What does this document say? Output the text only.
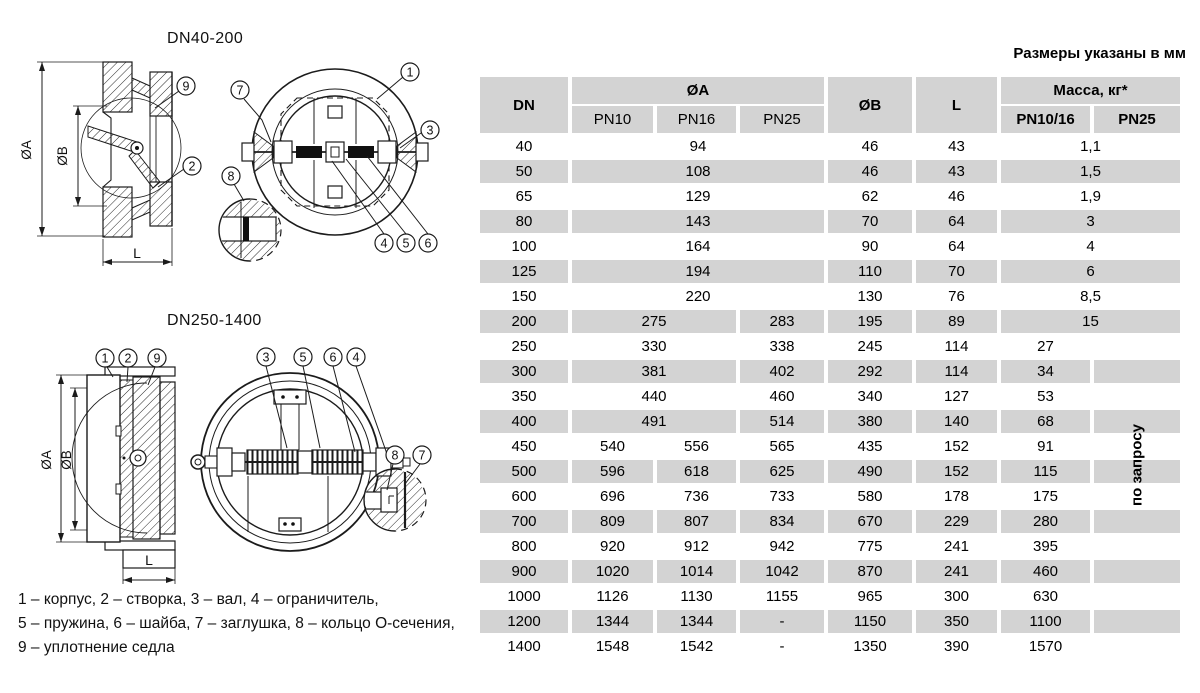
DN40-200
DN250-1400
Размеры указаны в мм
1 – корпус, 2 – створка, 3 – вал, 4 – ограничитель,
5 – пружина, 6 – шайба, 7 – заглушка, 8 – кольцо О-сечения,
9 – уплотнение седла
ØA ØB
L
9
2
1
7
3
4 5 6
8
ØA ØB
L
1 2 9	3 5 6 4
8 7
DN	ØA			ØB	L	Масса, кг*	
	PN10	PN16	PN25			PN10/16	PN25
40	94			46	43	1,1	
50	108			46	43	1,5	
65	129			62	46	1,9	
80	143			70	64	3	
100	164			90	64	4	
125	194			110	70	6	
150	220			130	76	8,5	
200	275		283	195	89	15	
250	330		338	245	114	27	
300	381		402	292	114	34	
350	440		460	340	127	53	
400	491		514	380	140	68	
450	540	556	565	435	152	91	
500	596	618	625	490	152	115	
600	696	736	733	580	178	175	
700	809	807	834	670	229	280	
800	920	912	942	775	241	395	
900	1020	1014	1042	870	241	460	
1000	1126	1130	1155	965	300	630	
1200	1344	1344	-	1150	350	1100	
1400	1548	1542	-	1350	390	1570	
по запросу
